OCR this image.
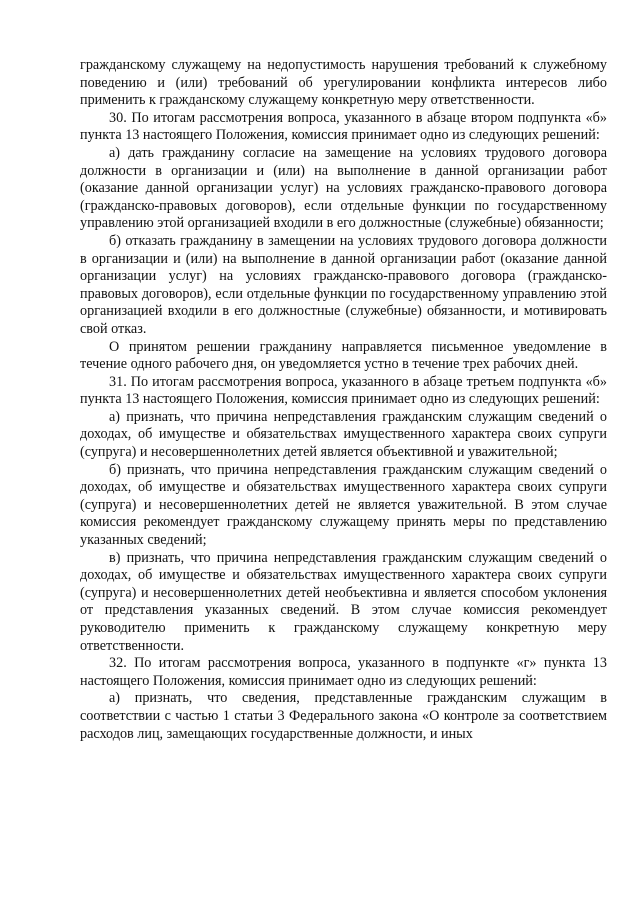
гражданскому служащему на недопустимость нарушения требований к служебному поведению и (или) требований об урегулировании конфликта интересов либо применить к гражданскому служащему конкретную меру ответственности.

30. По итогам рассмотрения вопроса, указанного в абзаце втором подпункта «б» пункта 13 настоящего Положения, комиссия принимает одно из следующих решений:

а) дать гражданину согласие на замещение на условиях трудового договора должности в организации и (или) на выполнение в данной организации работ (оказание данной организации услуг) на условиях гражданско-правового договора (гражданско-правовых договоров), если отдельные функции по государственному управлению этой организацией входили в его должностные (служебные) обязанности;

б) отказать гражданину в замещении на условиях трудового договора должности в организации и (или) на выполнение в данной организации работ (оказание данной организации услуг) на условиях гражданско-правового договора (гражданско-правовых договоров), если отдельные функции по государственному управлению этой организацией входили в его должностные (служебные) обязанности, и мотивировать свой отказ.

О принятом решении гражданину направляется письменное уведомление в течение одного рабочего дня, он уведомляется устно в течение трех рабочих дней.

31. По итогам рассмотрения вопроса, указанного в абзаце третьем подпункта «б» пункта 13 настоящего Положения, комиссия принимает одно из следующих решений:

а) признать, что причина непредставления гражданским служащим сведений о доходах, об имуществе и обязательствах имущественного характера своих супруги (супруга) и несовершеннолетних детей является объективной и уважительной;

б) признать, что причина непредставления гражданским служащим сведений о доходах, об имуществе и обязательствах имущественного характера своих супруги (супруга) и несовершеннолетних детей не является уважительной. В этом случае комиссия рекомендует гражданскому служащему принять меры по представлению указанных сведений;

в) признать, что причина непредставления гражданским служащим сведений о доходах, об имуществе и обязательствах имущественного характера своих супруги (супруга) и несовершеннолетних детей необъективна и является способом уклонения от представления указанных сведений. В этом случае комиссия рекомендует руководителю применить к гражданскому служащему конкретную меру ответственности.

32. По итогам рассмотрения вопроса, указанного в подпункте «г» пункта 13 настоящего Положения, комиссия принимает одно из следующих решений:

а) признать, что сведения, представленные гражданским служащим в соответствии с частью 1 статьи 3 Федерального закона «О контроле за соответствием расходов лиц, замещающих государственные должности, и иных
